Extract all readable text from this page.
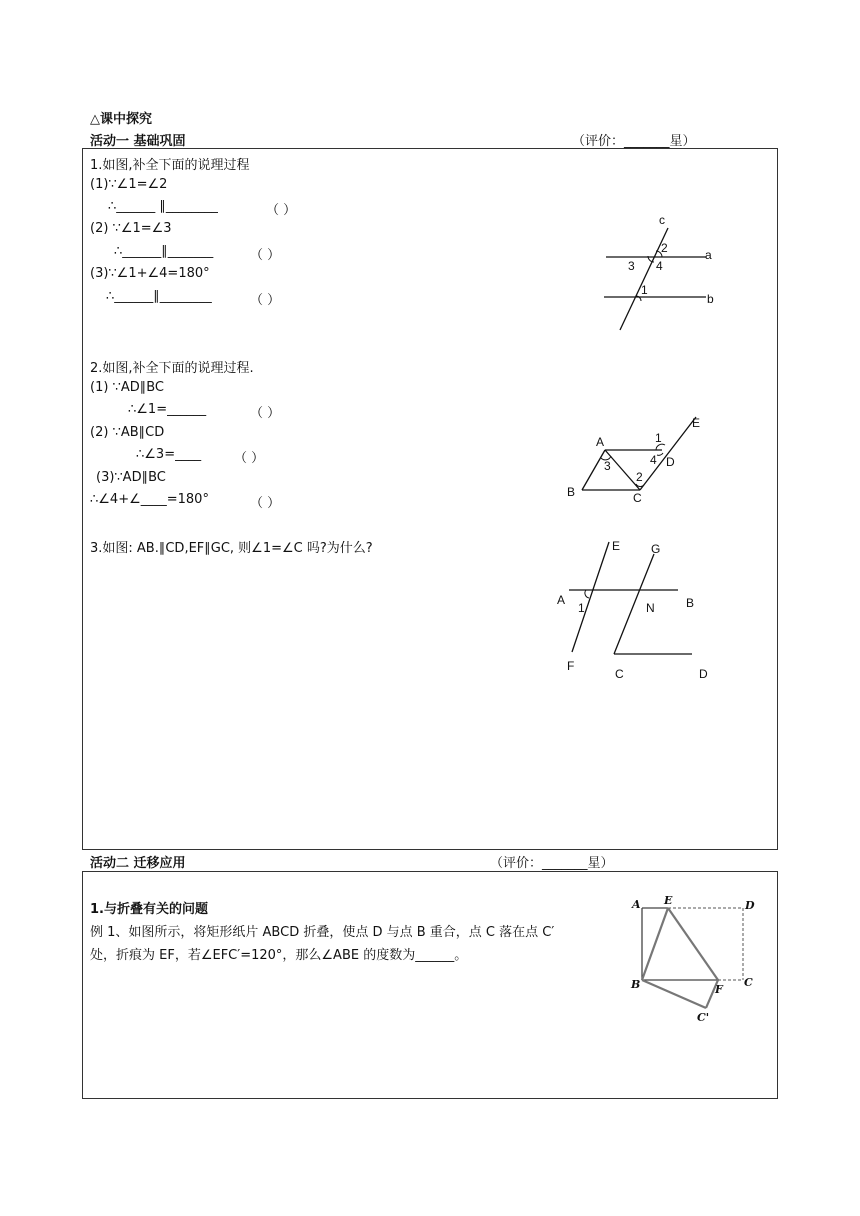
△课中探究
活动一 基础巩固	（评价：_______星）
1.如图,补全下面的说理过程
(1)∵∠1=∠2
∴______ ∥________	（ ）
(2) ∵∠1=∠3
∴______∥_______	（ ）
(3)∵∠1+∠4=180°
∴______∥________	（ ）
c
a
b
2
3 4
1
2.如图,补全下面的说理过程.
(1) ∵AD∥BC
∴∠1=______	（ ）
(2) ∵AB∥CD
∴∠3=____	（ ）
(3)∵AD∥BC
∴∠4+∠____=180°	（ ）
A
B	C
D
E
1
2
3	4
3.如图: AB.∥CD,EF∥GC, 则∠1=∠C 吗?为什么?	E	G
A	B
N
1
F
C	D
活动二 迁移应用	（评价：_______星）
1.与折叠有关的问题
例 1、如图所示，将矩形纸片 ABCD 折叠，使点 D 与点 B 重合，点 C 落在点 C′
处，折痕为 EF，若∠EFC′=120°，那么∠ABE 的度数为______。
A E	D
B	F
C
C'
